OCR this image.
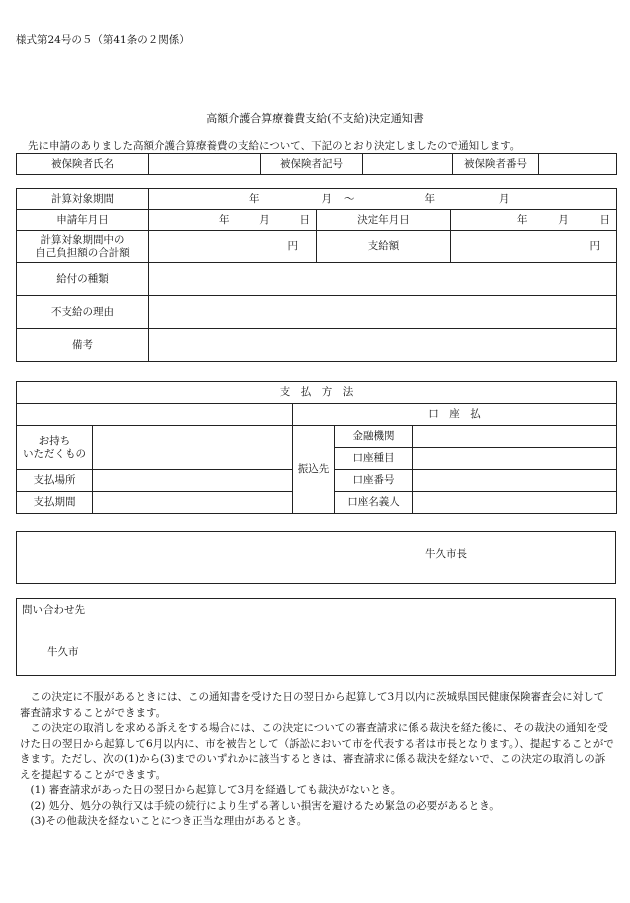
様式第24号の５（第41条の２関係）
高額介護合算療養費支給(不支給)決定通知書
先に申請のありました高額介護合算療養費の支給について、下記のとおり決定しましたので通知します。
被保険者氏名		被保険者記号		被保険者番号	
計算対象期間	年 月 ～ 年 月		

申請年月日	年 月 日	決定年月日	年 月 日

計算対象期間中の
自己負担額の合計額	円	支給額	円
給付の種類			
不支給の理由			
備考			
支　払　方　法				
		口　座　払		

お持ち
いただくもの		振込先	金融機関	
			口座種目	
支払場所			口座番号	

支払期間			口座名義人	
牛久市長
問い合わせ先
牛久市

　この決定に不服があるときには、この通知書を受けた日の翌日から起算して3月以内に茨城県国民健康保険審査会に対して審査請求することができます。

　この決定の取消しを求める訴えをする場合には、この決定についての審査請求に係る裁決を経た後に、その裁決の通知を受けた日の翌日から起算して6月以内に、市を被告として（訴訟において市を代表する者は市長となります。）、提起することができます。ただし、次の(1)から(3)までのいずれかに該当するときは、審査請求に係る裁決を経ないで、この決定の取消しの訴えを提起することができます。

　(1) 審査請求があった日の翌日から起算して3月を経過しても裁決がないとき。

　(2) 処分、処分の執行又は手続の続行により生ずる著しい損害を避けるため緊急の必要があるとき。

　(3)その他裁決を経ないことにつき正当な理由があるとき。
